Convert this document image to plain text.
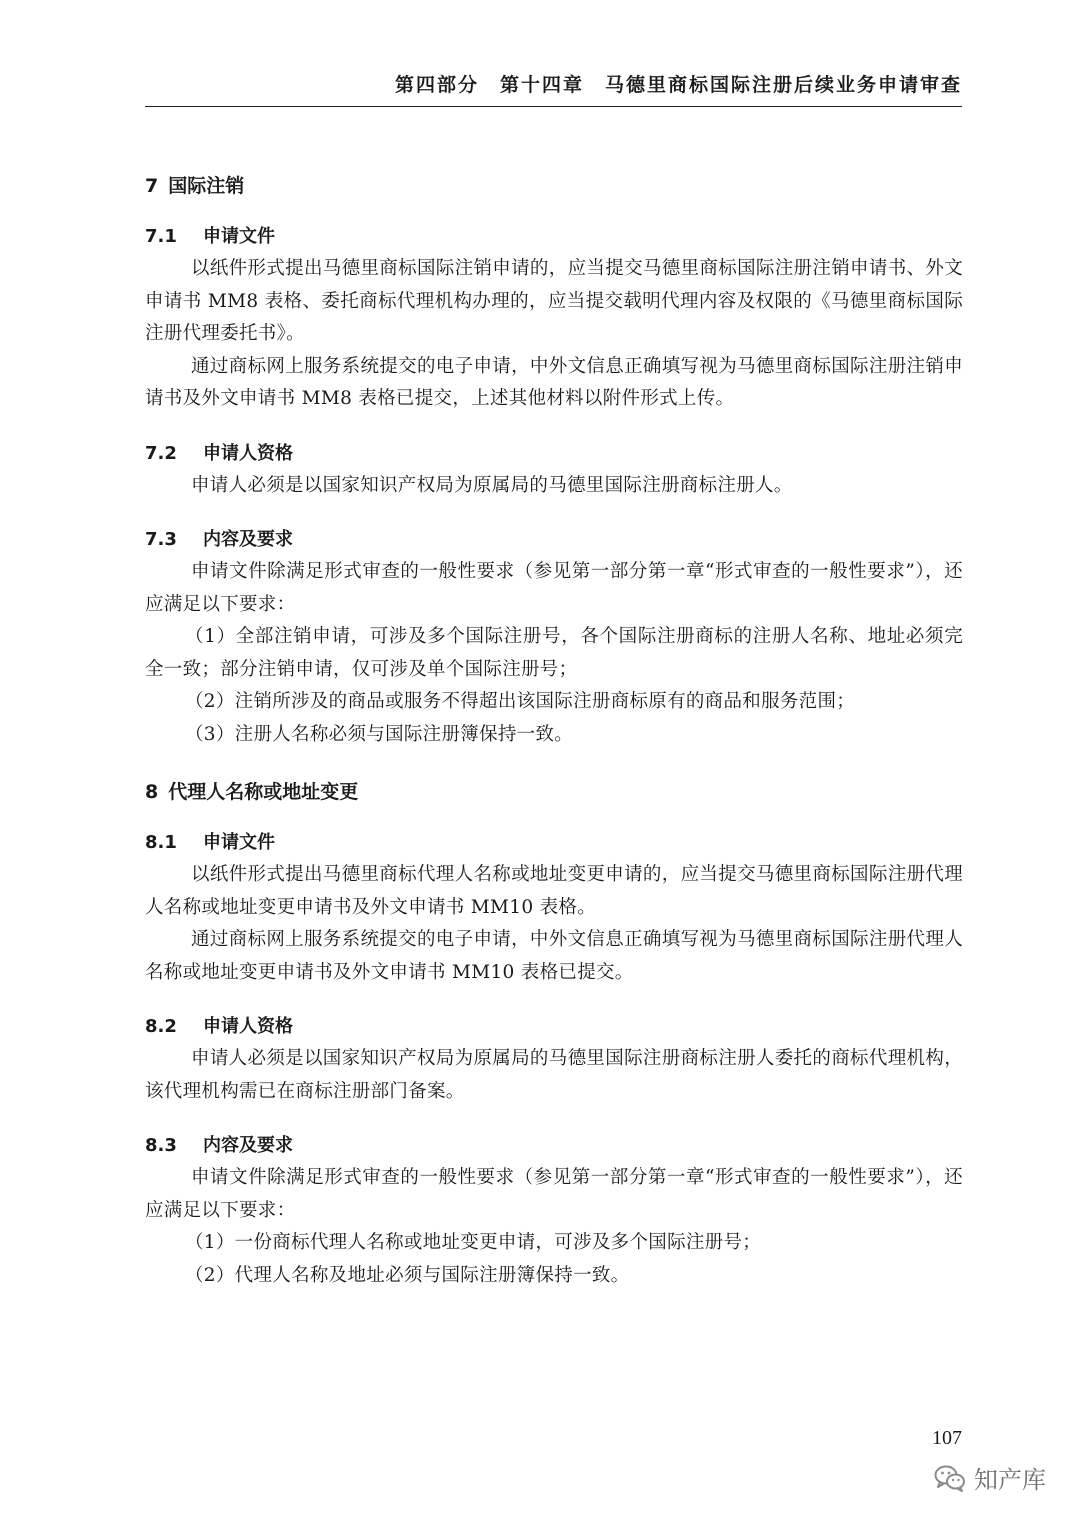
第四部分　第十四章　马德里商标国际注册后续业务申请审查
7 国际注销
7.1 申请文件

以纸件形式提出马德里商标国际注销申请的，应当提交马德里商标国际注册注销申请书、外文申请书 MM8 表格、委托商标代理机构办理的，应当提交载明代理内容及权限的《马德里商标国际注册代理委托书》。

通过商标网上服务系统提交的电子申请，中外文信息正确填写视为马德里商标国际注册注销申请书及外文申请书 MM8 表格已提交，上述其他材料以附件形式上传。

7.2 申请人资格

申请人必须是以国家知识产权局为原属局的马德里国际注册商标注册人。

7.3 内容及要求

申请文件除满足形式审查的一般性要求（参见第一部分第一章“形式审查的一般性要求”），还应满足以下要求：

（1）全部注销申请，可涉及多个国际注册号，各个国际注册商标的注册人名称、地址必须完全一致；部分注销申请，仅可涉及单个国际注册号；

（2）注销所涉及的商品或服务不得超出该国际注册商标原有的商品和服务范围；

（3）注册人名称必须与国际注册簿保持一致。

8 代理人名称或地址变更
8.1 申请文件

以纸件形式提出马德里商标代理人名称或地址变更申请的，应当提交马德里商标国际注册代理人名称或地址变更申请书及外文申请书 MM10 表格。

通过商标网上服务系统提交的电子申请，中外文信息正确填写视为马德里商标国际注册代理人名称或地址变更申请书及外文申请书 MM10 表格已提交。

8.2 申请人资格

申请人必须是以国家知识产权局为原属局的马德里国际注册商标注册人委托的商标代理机构，该代理机构需已在商标注册部门备案。

8.3 内容及要求

申请文件除满足形式审查的一般性要求（参见第一部分第一章“形式审查的一般性要求”），还应满足以下要求：

（1）一份商标代理人名称或地址变更申请，可涉及多个国际注册号；

（2）代理人名称及地址必须与国际注册簿保持一致。

107
知产库
